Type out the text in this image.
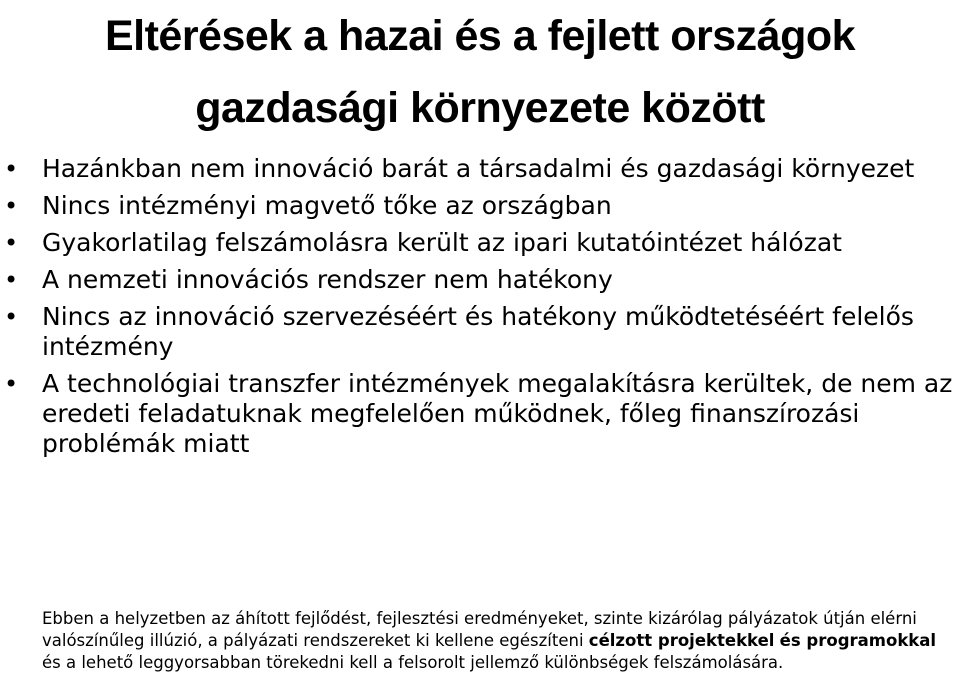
Eltérések a hazai és a fejlett országok
gazdasági környezete között
• Hazánkban nem innováció barát a társadalmi és gazdasági környezet
• Nincs intézményi magvető tőke az országban
• Gyakorlatilag felszámolásra került az ipari kutatóintézet hálózat
• A nemzeti innovációs rendszer nem hatékony
• Nincs az innováció szervezéséért és hatékony működtetéséért felelős intézmény
• A technológiai transzfer intézmények megalakításra kerültek, de nem az eredeti feladatuknak megfelelően működnek, főleg finanszírozási problémák miatt
Ebben a helyzetben az áhított fejlődést, fejlesztési eredményeket, szinte kizárólag pályázatok útján elérni valószínűleg illúzió, a pályázati rendszereket ki kellene egészíteni célzott projektekkel és programokkal és a lehető leggyorsabban törekedni kell a felsorolt jellemző különbségek felszámolására.
